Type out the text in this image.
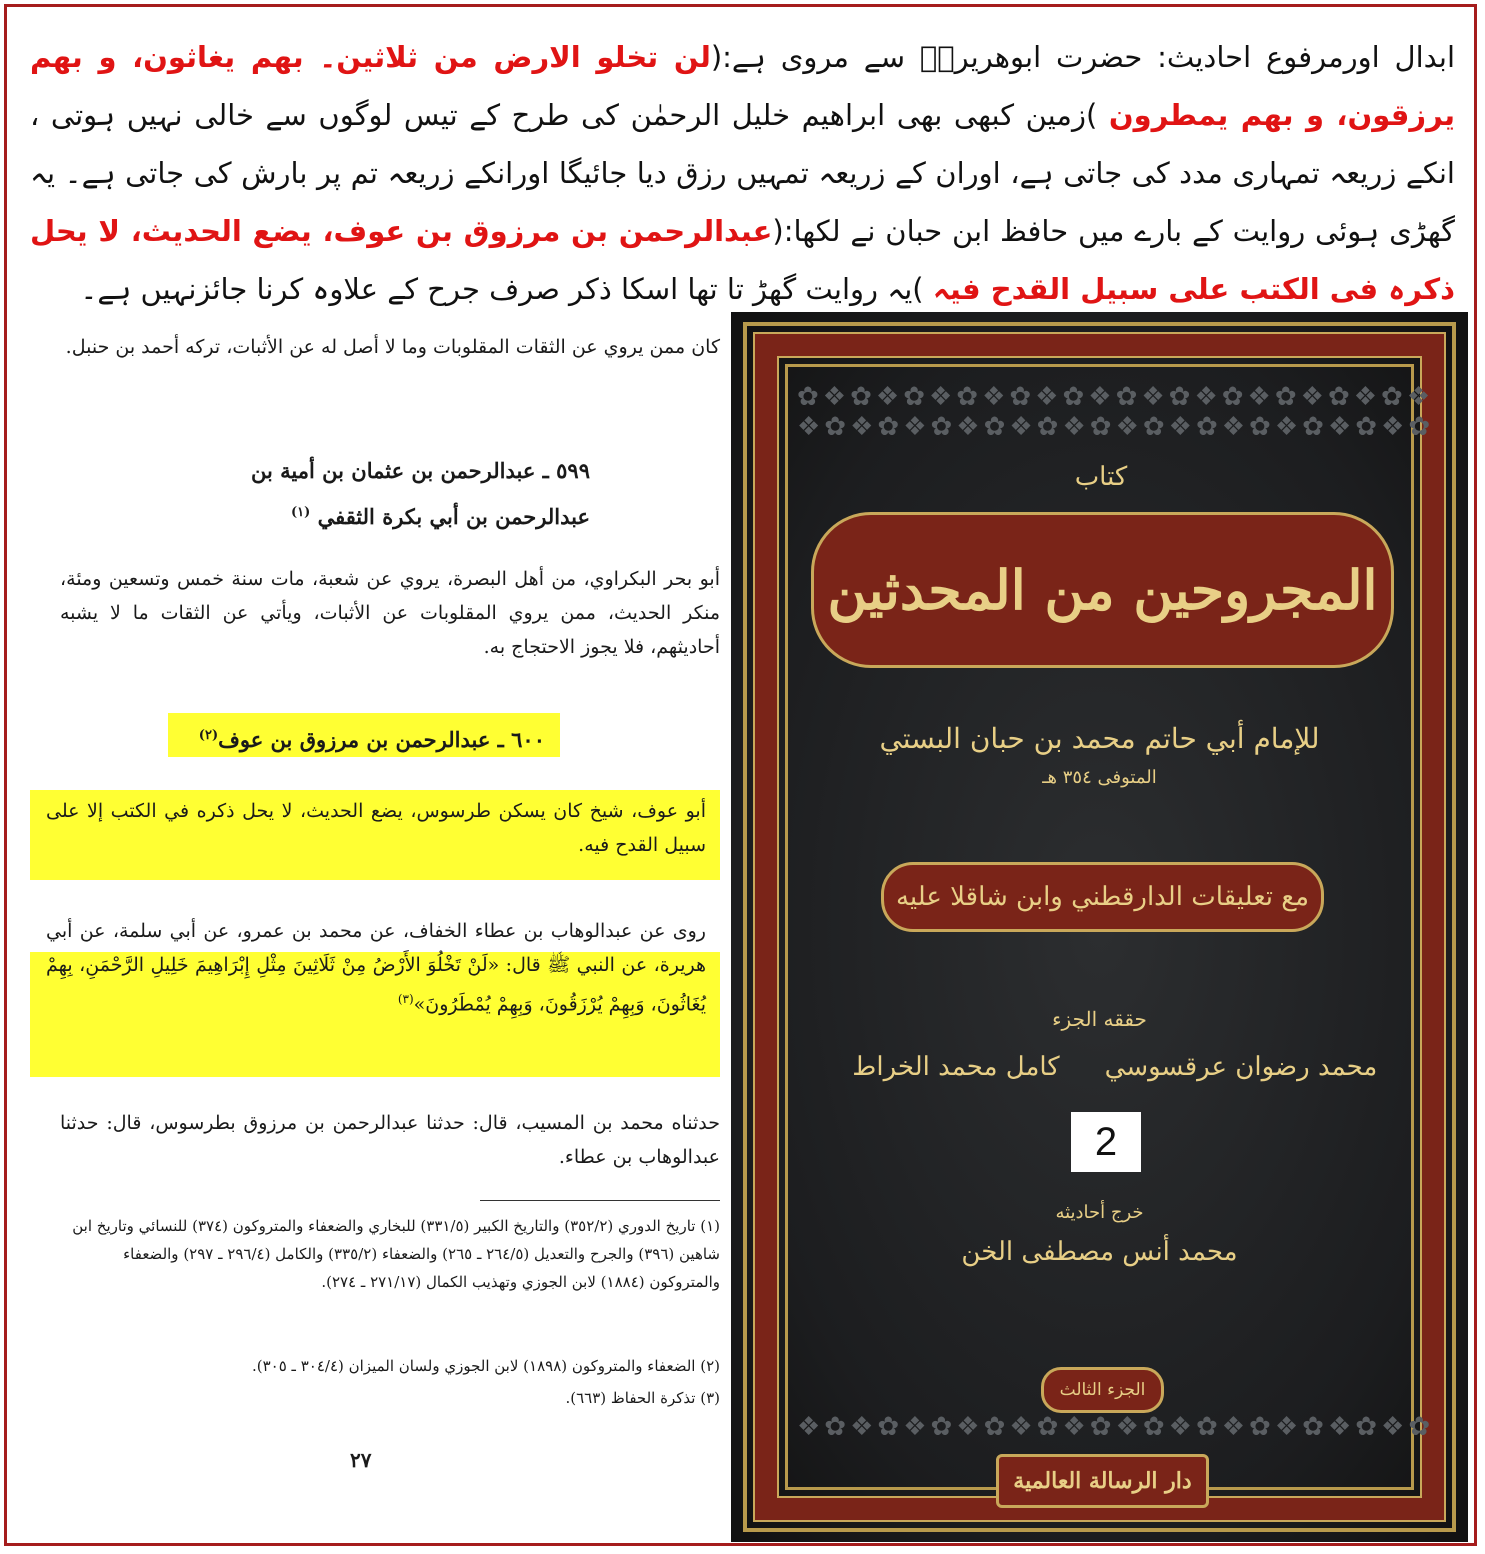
ابدال اورمرفوع احادیث: حضرت ابوھریرہؓ سے مروی ہے:(لن تخلو الارض من ثلاثین۔ بھم یغاثون، و بھم یرزقون، و بھم یمطرون )زمین کبھی بھی ابراھیم خلیل الرحمٰن کی طرح کے تیس لوگوں سے خالی نہیں ہوتی ، انکے زریعہ تمہاری مدد کی جاتی ہے، اوران کے زریعہ تمہیں رزق دیا جائیگا اورانکے زریعہ تم پر بارش کی جاتی ہے۔ یہ گھڑی ہوئی روایت کے بارے میں حافظ ابن حبان نے لکھا:(عبدالرحمن بن مرزوق بن عوف، یضع الحدیث، لا یحل ذکرہ فی الکتب علی سبیل القدح فیہ )یہ روایت گھڑ تا تھا اسکا ذکر صرف جرح کے علاوہ کرنا جائزنہیں ہے۔
كان ممن يروي عن الثقات المقلوبات وما لا أصل له عن الأثبات، تركه أحمد بن حنبل.
٥٩٩ ـ عبدالرحمن بن عثمان بن أمية بن
عبدالرحمن بن أبي بكرة الثقفي $^{(١)}$
أبو بحر البكراوي، من أهل البصرة، يروي عن شعبة، مات سنة خمس وتسعين ومئة، منكر الحديث، ممن يروي المقلوبات عن الأثبات، ويأتي عن الثقات ما لا يشبه أحاديثهم، فلا يجوز الاحتجاج به.
٦٠٠ ـ عبدالرحمن بن مرزوق بن عوف$^{(٢)}$
أبو عوف، شيخ كان يسكن طرسوس، يضع الحديث، لا يحل ذكره في الكتب إلا على سبيل القدح فيه.
روى عن عبدالوهاب بن عطاء الخفاف، عن محمد بن عمرو، عن أبي سلمة، عن أبي هريرة، عن النبي ﷺ قال: «لَنْ تَخْلُوَ الأَرْضُ مِنْ ثَلَاثِينَ مِثْلِ إِبْرَاهِيمَ خَلِيلِ الرَّحْمَنِ، بِهِمْ يُغَاثُونَ، وَبِهِمْ يُرْزَقُونَ، وَبِهِمْ يُمْطَرُونَ»$^{(٣)}$
حدثناه محمد بن المسيب، قال: حدثنا عبدالرحمن بن مرزوق بطرسوس، قال: حدثنا عبدالوهاب بن عطاء.
(١) تاريخ الدوري (٣٥٢/٢) والتاريخ الكبير (٣٣١/٥) للبخاري والضعفاء والمتروكون (٣٧٤) للنسائي وتاريخ ابن شاهين (٣٩٦) والجرح والتعديل (٢٦٤/٥ ـ ٢٦٥) والضعفاء (٣٣٥/٢) والكامل (٢٩٦/٤ ـ ٢٩٧) والضعفاء والمتروكون (١٨٨٤) لابن الجوزي وتهذيب الكمال (٢٧١/١٧ ـ ٢٧٤).
(٢) الضعفاء والمتروكون (١٨٩٨) لابن الجوزي ولسان الميزان (٣٠٤/٤ ـ ٣٠٥).
(٣) تذكرة الحفاظ (٦٦٣).
٢٧
✿❖✿❖✿❖✿❖✿❖✿❖✿❖✿❖✿❖✿❖✿❖✿❖
❖✿❖✿❖✿❖✿❖✿❖✿❖✿❖✿❖✿❖✿❖✿❖✿
كتاب
المجروحين من المحدثين
للإمام أبي حاتم محمد بن حبان البستي
المتوفى ٣٥٤ هـ
مع تعليقات الدارقطني وابن شاقلا عليه
حققه الجزء
محمد رضوان عرقسوسي
كامل محمد الخراط
2
خرج أحاديثه
محمد أنس مصطفى الخن
الجزء الثالث
❖✿❖✿❖✿❖✿❖✿❖✿❖✿❖✿❖✿❖✿❖✿❖✿
دار الرسالة العالمية
